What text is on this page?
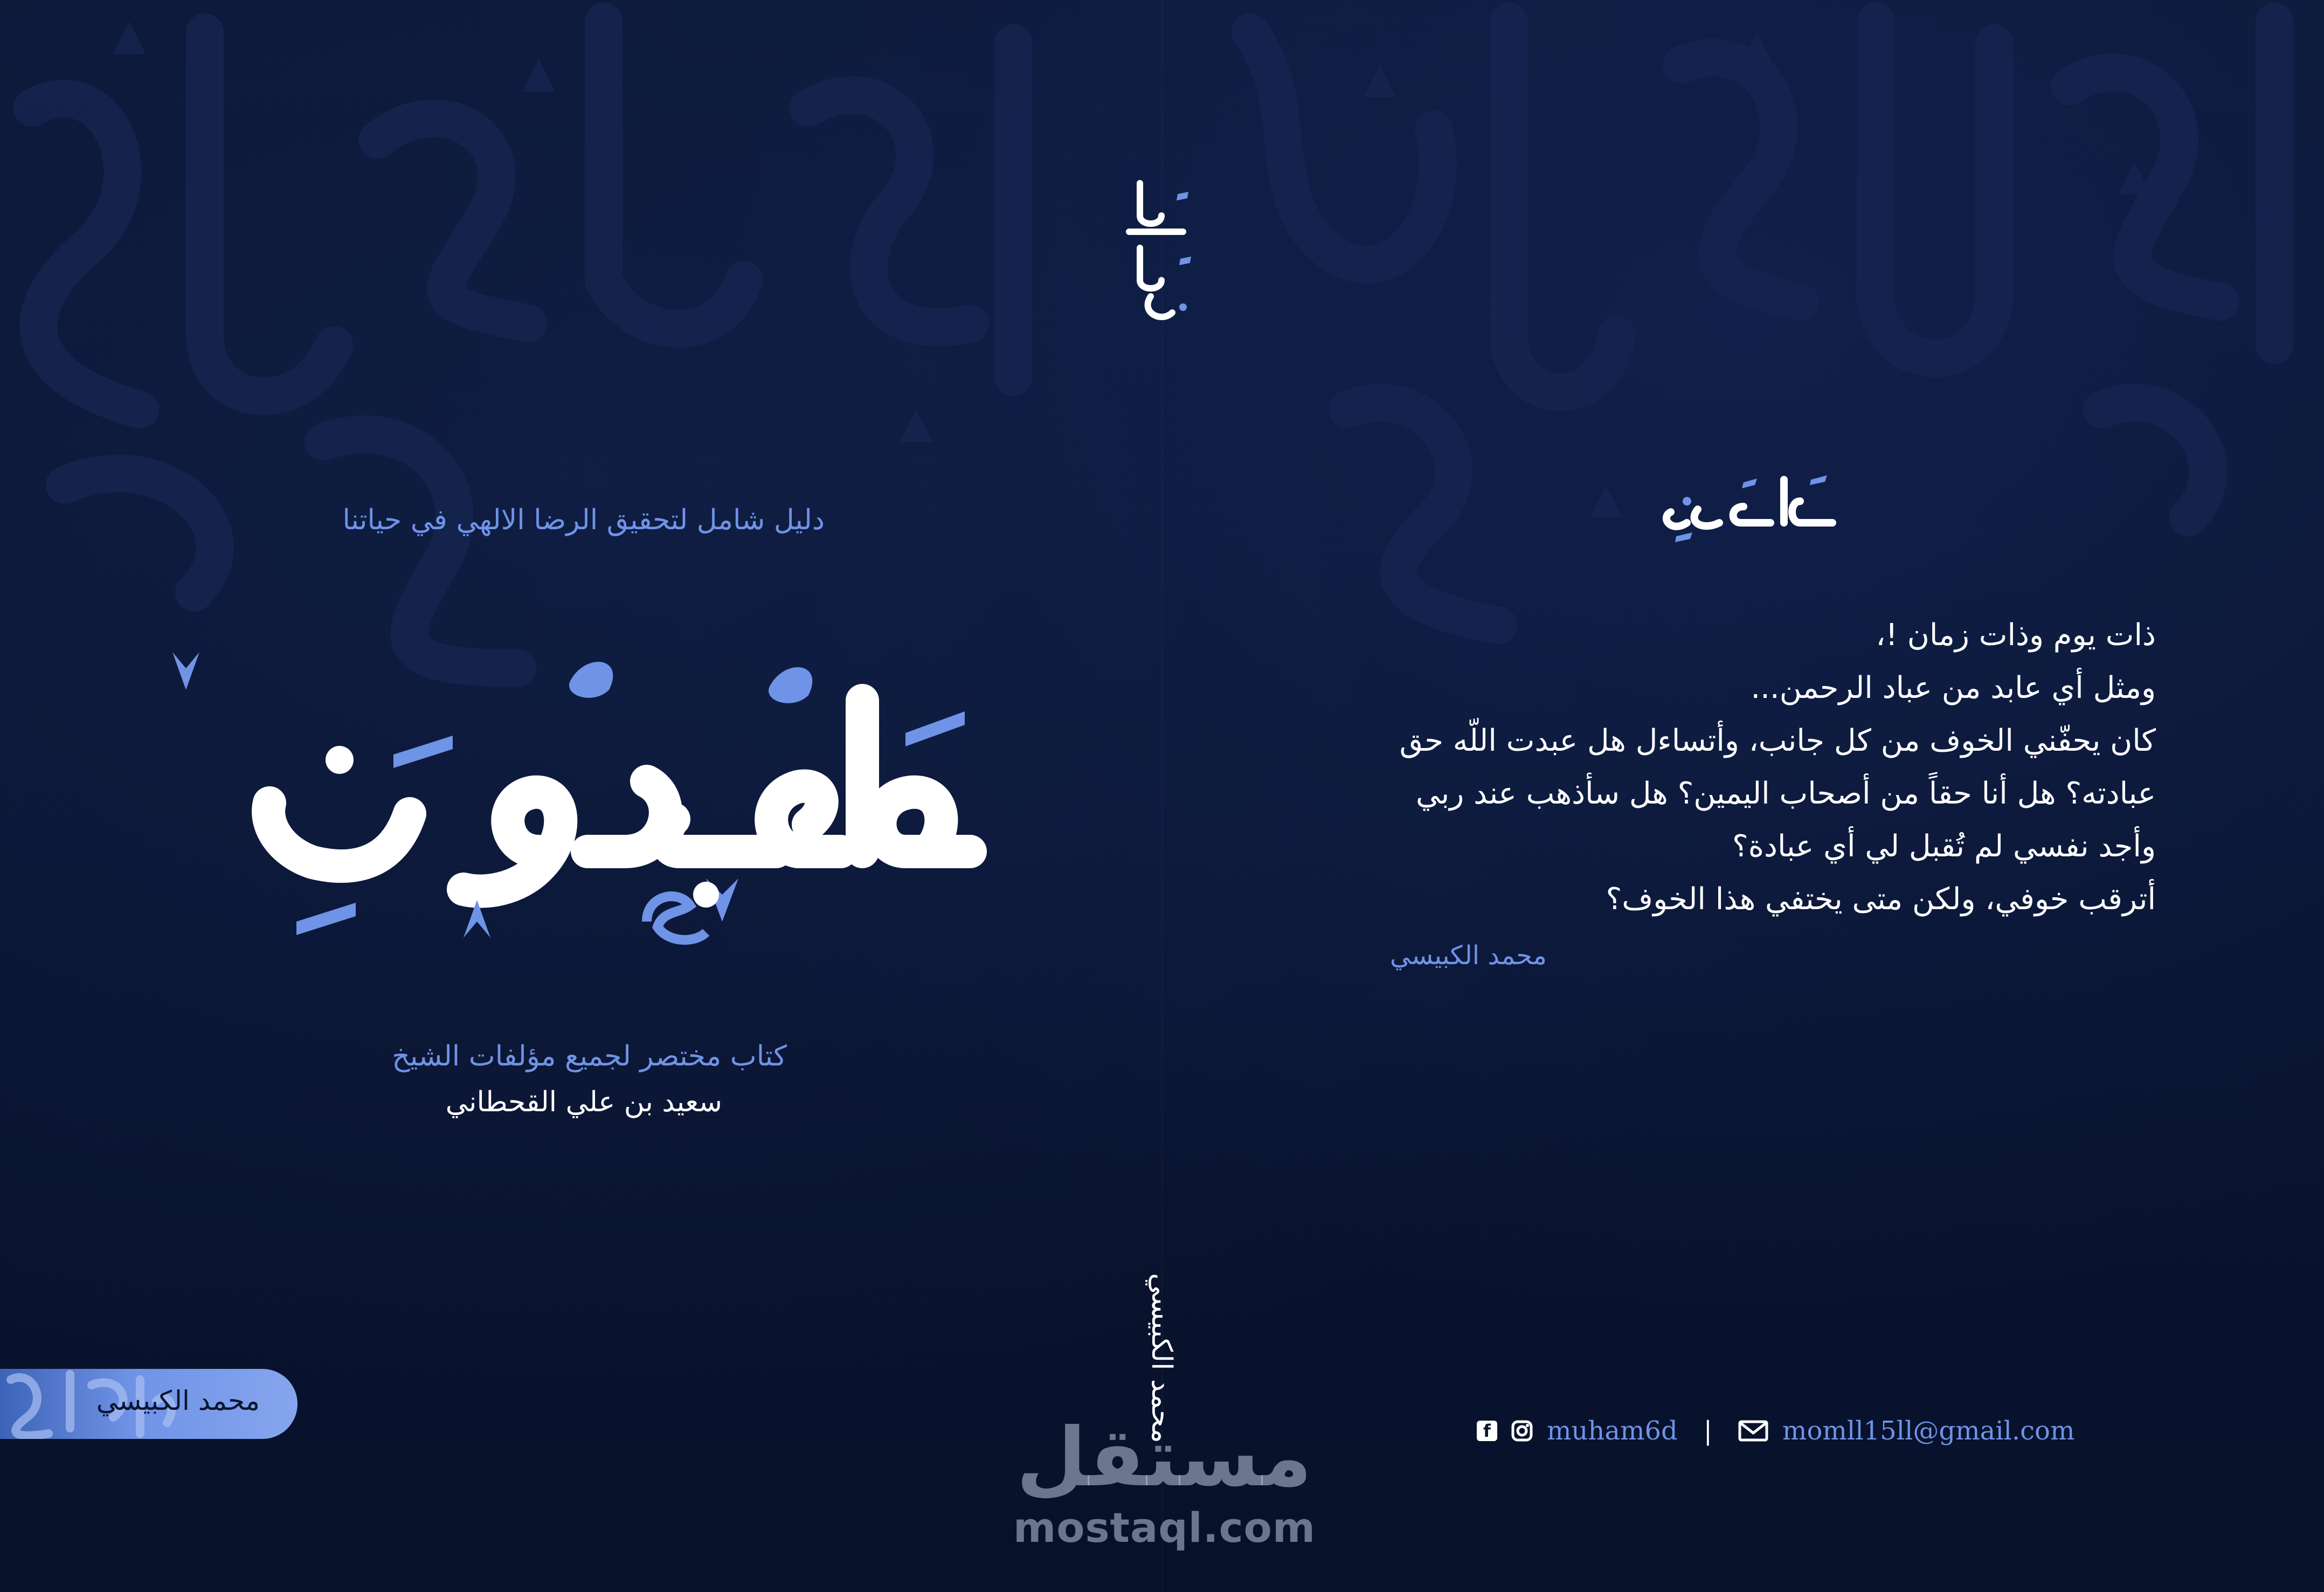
فَاعْبُدُونِ

ذات يوم وذات زمان !،

ومثل أي عابد من عباد الرحمن...

كان يحفّني الخوف من كل جانب، وأتساءل هل عبدت اللّه حق

عبادته؟ هل أنا حقاً من أصحاب اليمين؟ هل سأذهب عند ربي

وأجد نفسي لم تُقبل لي أي عبادة؟

أترقب خوفي، ولكن متى يختفي هذا الخوف؟

محمد الكبيسي
f muham6d |	momll15ll@gmail.com
فَاعْبُدُونِ
محمد الكبيسي
مستقل
mostaql.com
دليل شامل لتحقيق الرضا الالهي في حياتنا
فَاعْبُدُونِ
كتاب مختصر لجميع مؤلفات الشيخ
سعيد بن علي القحطاني
محمد الكبيسي
